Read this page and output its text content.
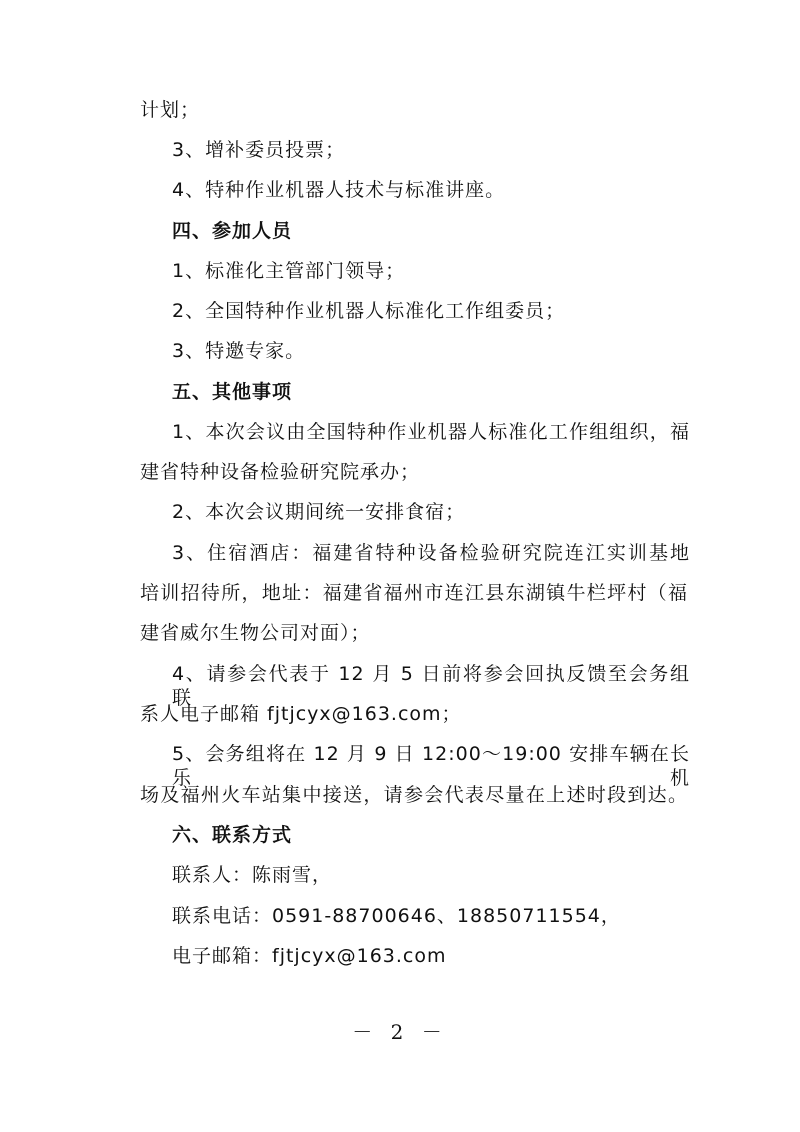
计划；
3、增补委员投票；
4、特种作业机器人技术与标准讲座。
四、参加人员
1、标准化主管部门领导；
2、全国特种作业机器人标准化工作组委员；
3、特邀专家。
五、其他事项
1、本次会议由全国特种作业机器人标准化工作组组织，福
建省特种设备检验研究院承办；
2、本次会议期间统一安排食宿；
3、住宿酒店：福建省特种设备检验研究院连江实训基地
培训招待所，地址：福建省福州市连江县东湖镇牛栏坪村（福
建省威尔生物公司对面）；
4、请参会代表于 12 月 5 日前将参会回执反馈至会务组联
系人电子邮箱 fjtjcyx@163.com；
5、会务组将在 12 月 9 日 12:00～19:00 安排车辆在长乐机
场及福州火车站集中接送，请参会代表尽量在上述时段到达。
六、联系方式
联系人：陈雨雪，
联系电话：0591-88700646、18850711554，
电子邮箱：fjtjcyx@163.com
－ 2 －
